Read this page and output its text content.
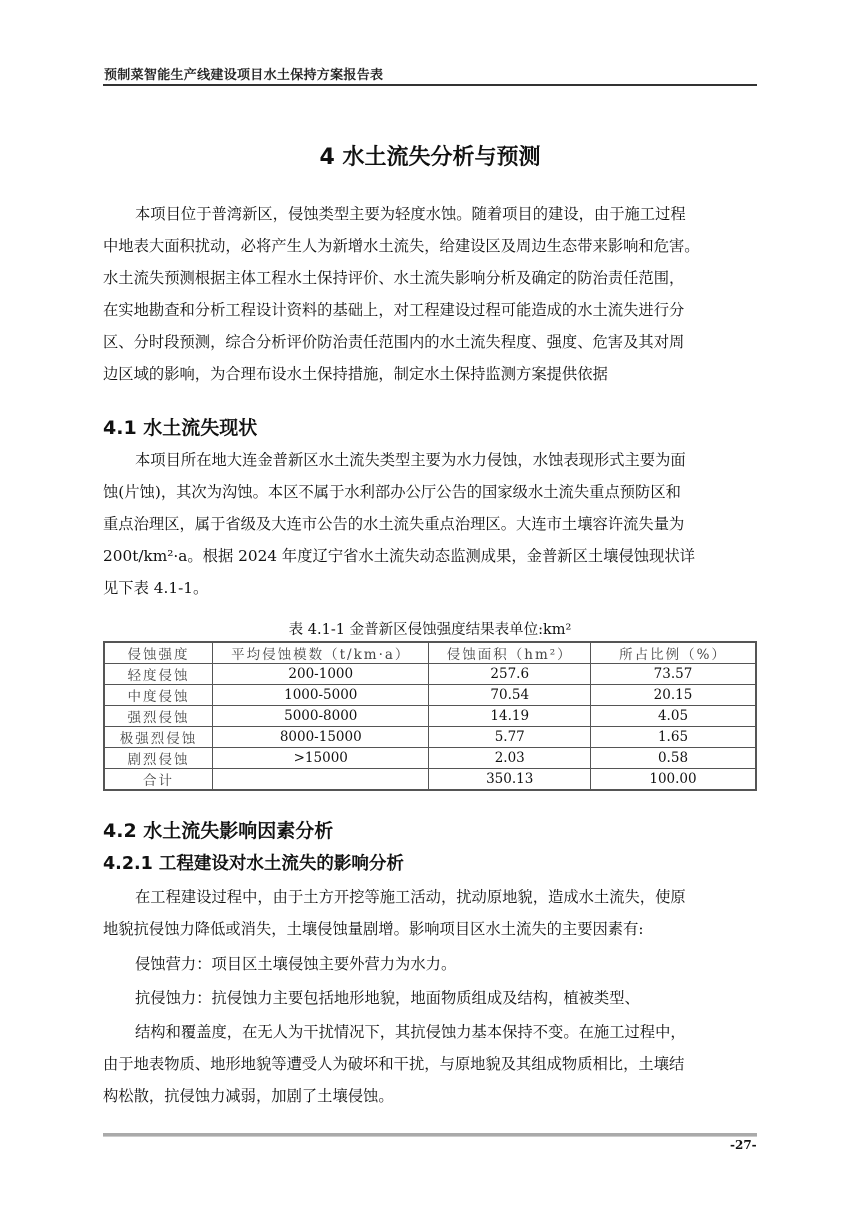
预制菜智能生产线建设项目水土保持方案报告表
4 水土流失分析与预测

本项目位于普湾新区，侵蚀类型主要为轻度水蚀。随着项目的建设，由于施工过程

中地表大面积扰动，必将产生人为新增水土流失，给建设区及周边生态带来影响和危害。

水土流失预测根据主体工程水土保持评价、水土流失影响分析及确定的防治责任范围，

在实地勘查和分析工程设计资料的基础上，对工程建设过程可能造成的水土流失进行分

区、分时段预测，综合分析评价防治责任范围内的水土流失程度、强度、危害及其对周

边区域的影响，为合理布设水土保持措施，制定水土保持监测方案提供依据

4.1 水土流失现状

本项目所在地大连金普新区水土流失类型主要为水力侵蚀，水蚀表现形式主要为面

蚀(片蚀)，其次为沟蚀。本区不属于水利部办公厅公告的国家级水土流失重点预防区和

重点治理区，属于省级及大连市公告的水土流失重点治理区。大连市土壤容许流失量为

200t/km²·a。根据 2024 年度辽宁省水土流失动态监测成果，金普新区土壤侵蚀现状详

见下表 4.1-1。

表 4.1-1 金普新区侵蚀强度结果表单位:km²
侵蚀强度	平均侵蚀模数（t/km·a）	侵蚀面积（hm²）	所占比例（%）
轻度侵蚀	200-1000	257.6	73.57
中度侵蚀	1000-5000	70.54	20.15
强烈侵蚀	5000-8000	14.19	4.05
极强烈侵蚀	8000-15000	5.77	1.65
剧烈侵蚀	>15000	2.03	0.58
合计		350.13	100.00
4.2 水土流失影响因素分析
4.2.1 工程建设对水土流失的影响分析

在工程建设过程中，由于土方开挖等施工活动，扰动原地貌，造成水土流失，使原

地貌抗侵蚀力降低或消失，土壤侵蚀量剧增。影响项目区水土流失的主要因素有:

侵蚀营力：项目区土壤侵蚀主要外营力为水力。

抗侵蚀力：抗侵蚀力主要包括地形地貌，地面物质组成及结构，植被类型、

结构和覆盖度，在无人为干扰情况下，其抗侵蚀力基本保持不变。在施工过程中，

由于地表物质、地形地貌等遭受人为破坏和干扰，与原地貌及其组成物质相比，土壤结

构松散，抗侵蚀力减弱，加剧了土壤侵蚀。

-27-
